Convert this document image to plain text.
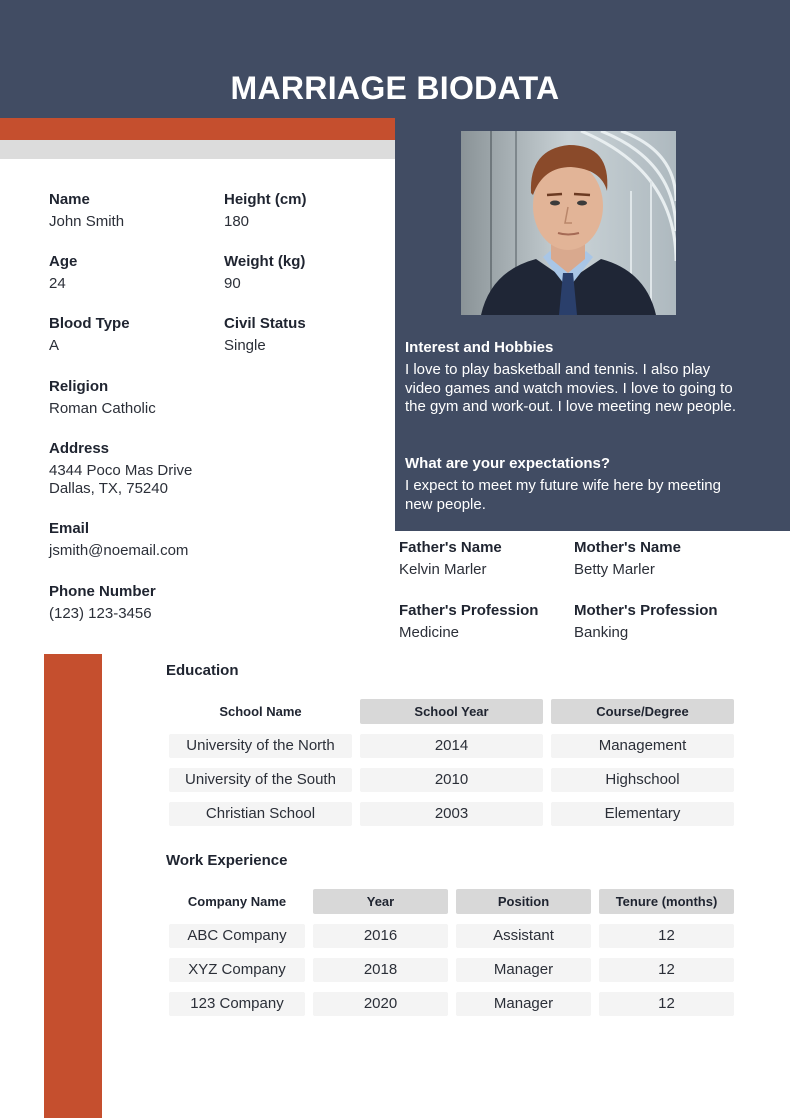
MARRIAGE BIODATA
Name
John Smith
Height (cm)
180
Age
24
Weight (kg)
90
Blood Type
A
Civil Status
Single
Religion
Roman Catholic
Address
4344 Poco Mas Drive
Dallas, TX, 75240
Email
jsmith@noemail.com
Phone Number
(123) 123-3456
Interest and Hobbies
I love to play basketball and tennis. I also play video games and watch movies. I love to going to the gym and work-out. I love meeting new people.
What are your expectations?
I expect to meet my future wife here by meeting new people.
Father's Name
Kelvin Marler
Mother's Name
Betty Marler
Father's Profession
Medicine
Mother's Profession
Banking
Education
School Name	School Year	Course/Degree
University of the North	2014	Management
University of the South	2010	Highschool
Christian School	2003	Elementary
Work Experience
Company Name	Year	Position	Tenure (months)
ABC Company	2016	Assistant	12
XYZ Company	2018	Manager	12
123 Company	2020	Manager	12
